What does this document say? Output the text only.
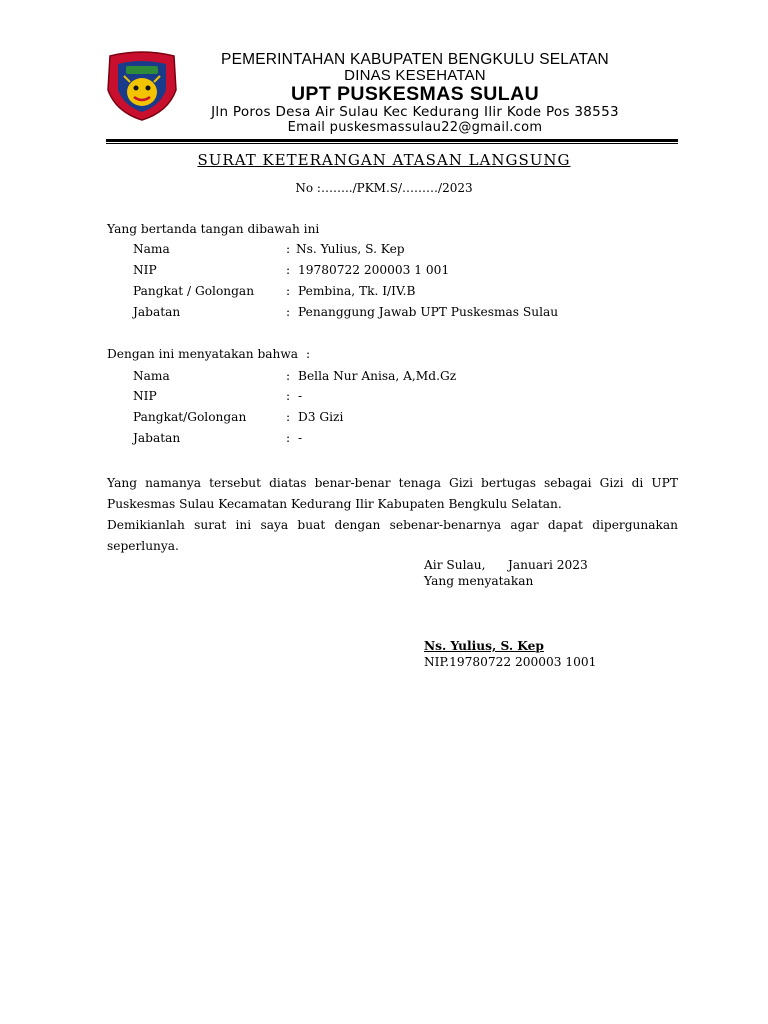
PEMERINTAHAN KABUPATEN BENGKULU SELATAN
DINAS KESEHATAN
UPT PUSKESMAS SULAU
Jln Poros Desa Air Sulau Kec Kedurang Ilir Kode Pos 38553
Email puskesmassulau22@gmail.com
SURAT KETERANGAN ATASAN LANGSUNG
No :……../PKM.S/………/2023
Yang bertanda tangan dibawah ini
Nama	: Ns. Yulius, S. Kep
NIP	: 19780722 200003 1 001
Pangkat / Golongan	: Pembina, Tk. I/IV.B
Jabatan	: Penanggung Jawab UPT Puskesmas Sulau
Dengan ini menyatakan bahwa :
Nama	: Bella Nur Anisa, A,Md.Gz
NIP	: -
Pangkat/Golongan	: D3 Gizi
Jabatan	: -
Yang namanya tersebut diatas benar-benar tenaga Gizi bertugas sebagai Gizi di UPT
Puskesmas Sulau Kecamatan Kedurang Ilir Kabupaten Bengkulu Selatan.
Demikianlah surat ini saya buat dengan sebenar-benarnya agar dapat dipergunakan
seperlunya.
Air Sulau, Januari 2023
Yang menyatakan
Ns. Yulius, S. Kep
NIP.19780722 200003 1001
